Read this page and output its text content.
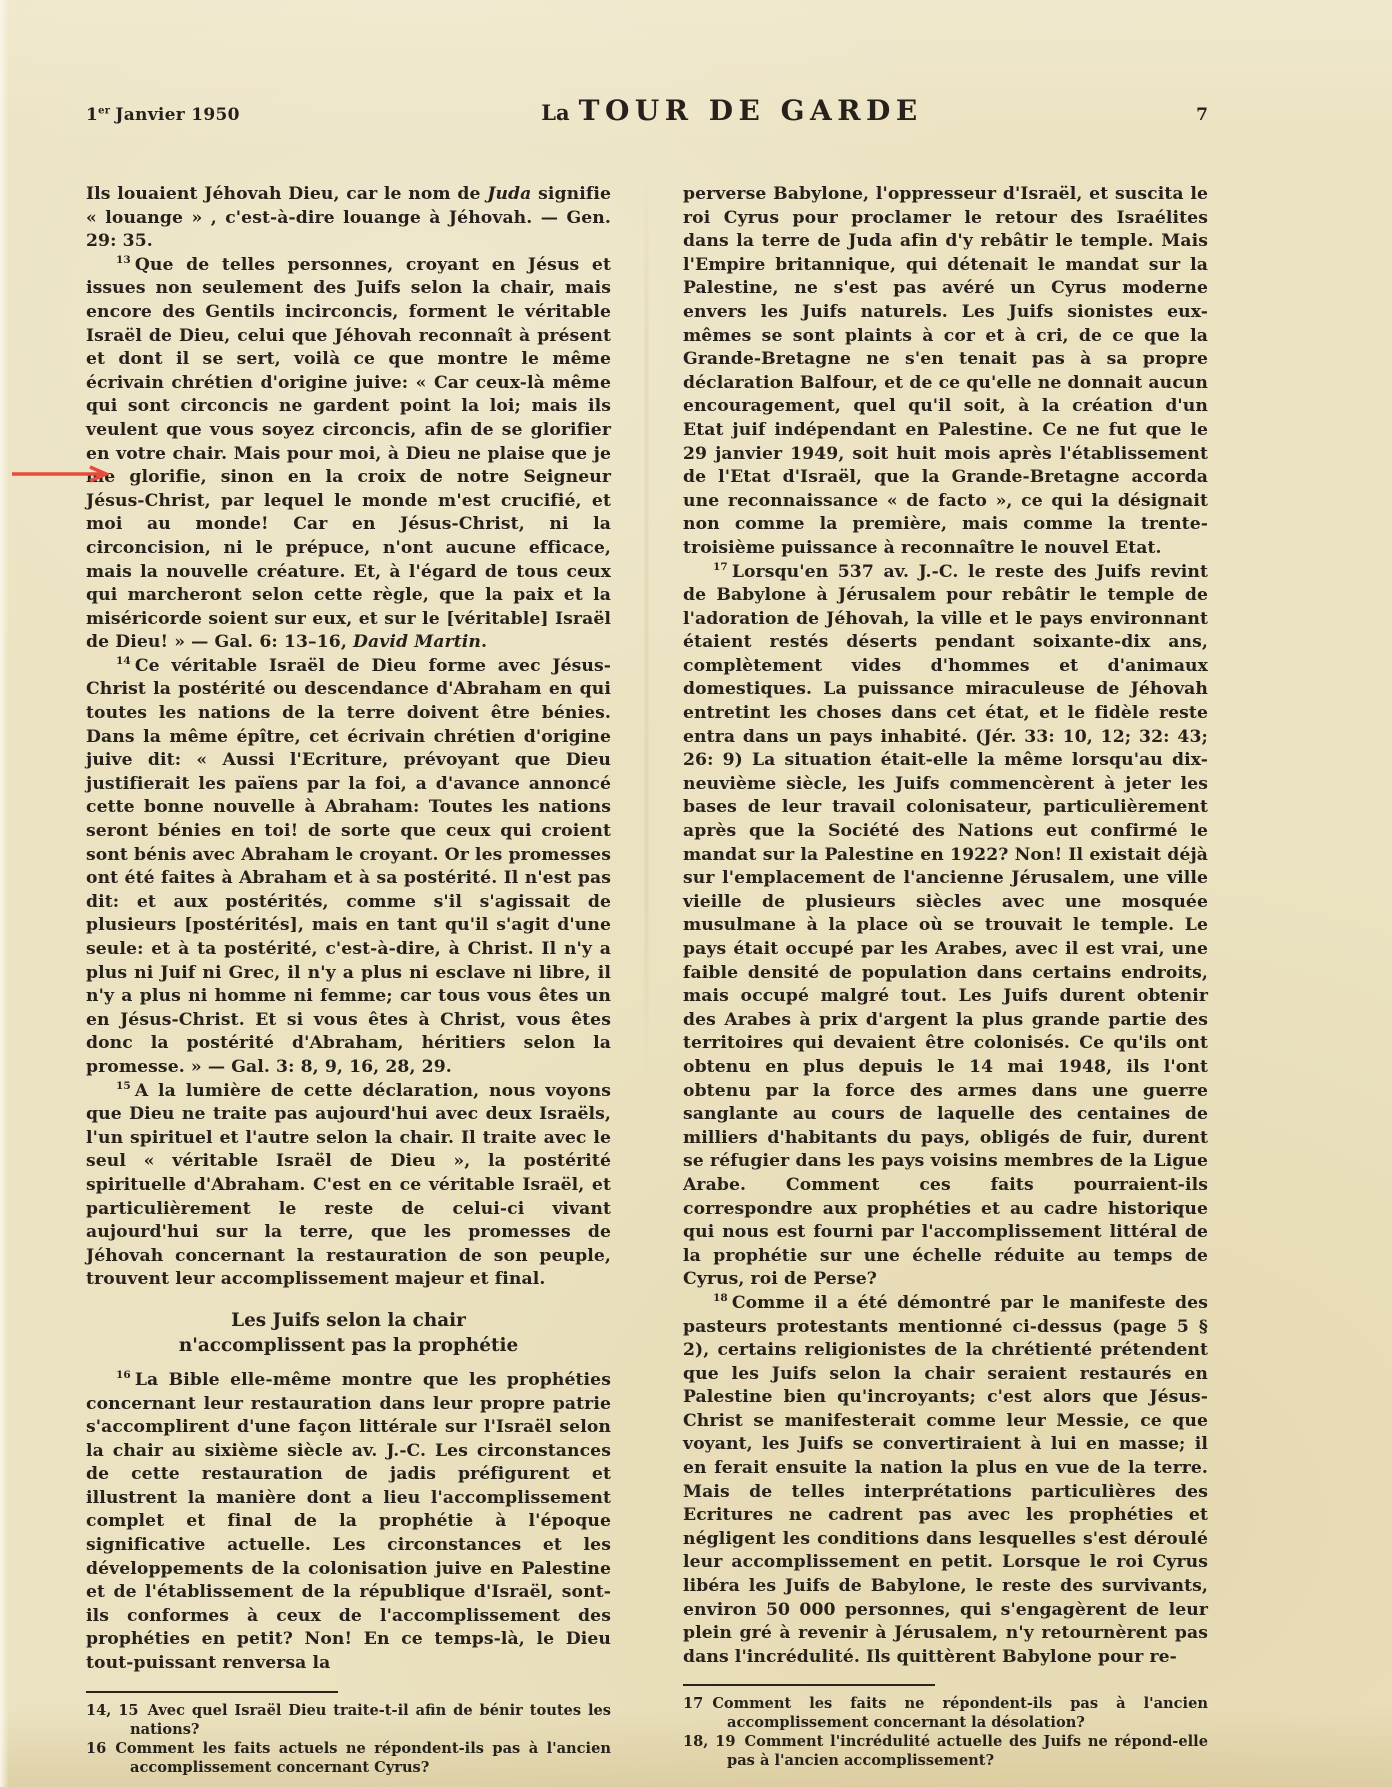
1er Janvier 1950	La TOUR DE GARDE	7

Ils louaient Jéhovah Dieu, car le nom de Juda signifie « louange » , c'est-à-dire louange à Jéhovah. — Gen. 29: 35.

$^{13}$ Que de telles personnes, croyant en Jésus et issues non seulement des Juifs selon la chair, mais encore des Gentils incirconcis, forment le véritable Israël de Dieu, celui que Jéhovah reconnaît à présent et dont il se sert, voilà ce que montre le même écrivain chrétien d'origine juive: « Car ceux-là même qui sont circoncis ne gardent point la loi; mais ils veulent que vous soyez circoncis, afin de se glorifier en votre chair. Mais pour moi, à Dieu ne plaise que je me glorifie, sinon en la croix de notre Seigneur Jésus-Christ, par lequel le monde m'est crucifié, et moi au monde! Car en Jésus-Christ, ni la circoncision, ni le prépuce, n'ont aucune efficace, mais la nouvelle créature. Et, à l'égard de tous ceux qui marcheront selon cette règle, que la paix et la miséricorde soient sur eux, et sur le [véritable] Israël de Dieu! » — Gal. 6: 13–16, David Martin.

$^{14}$ Ce véritable Israël de Dieu forme avec Jésus-Christ la postérité ou descendance d'Abraham en qui toutes les nations de la terre doivent être bénies. Dans la même épître, cet écrivain chrétien d'origine juive dit: « Aussi l'Ecriture, prévoyant que Dieu justifierait les païens par la foi, a d'avance annoncé cette bonne nouvelle à Abraham: Toutes les nations seront bénies en toi! de sorte que ceux qui croient sont bénis avec Abraham le croyant. Or les promesses ont été faites à Abraham et à sa postérité. Il n'est pas dit: et aux postérités, comme s'il s'agissait de plusieurs [postérités], mais en tant qu'il s'agit d'une seule: et à ta postérité, c'est-à-dire, à Christ. Il n'y a plus ni Juif ni Grec, il n'y a plus ni esclave ni libre, il n'y a plus ni homme ni femme; car tous vous êtes un en Jésus-Christ. Et si vous êtes à Christ, vous êtes donc la postérité d'Abraham, héritiers selon la promesse. » — Gal. 3: 8, 9, 16, 28, 29.

$^{15}$ A la lumière de cette déclaration, nous voyons que Dieu ne traite pas aujourd'hui avec deux Israëls, l'un spirituel et l'autre selon la chair. Il traite avec le seul « véritable Israël de Dieu », la postérité spirituelle d'Abraham. C'est en ce véritable Israël, et particulièrement le reste de celui-ci vivant aujourd'hui sur la terre, que les promesses de Jéhovah concernant la restauration de son peuple, trouvent leur accomplissement majeur et final.

Les Juifs selon la chair
n'accomplissent pas la prophétie

$^{16}$ La Bible elle-même montre que les prophéties concernant leur restauration dans leur propre patrie s'accomplirent d'une façon littérale sur l'Israël selon la chair au sixième siècle av. J.-C. Les circonstances de cette restauration de jadis préfigurent et illustrent la manière dont a lieu l'accomplissement complet et final de la prophétie à l'époque significative actuelle. Les circonstances et les développements de la colonisation juive en Palestine et de l'établissement de la république d'Israël, sont-ils conformes à ceux de l'accomplissement des prophéties en petit? Non! En ce temps-là, le Dieu tout-puissant renversa la

14, 15 Avec quel Israël Dieu traite-t-il afin de bénir toutes les nations?
16 Comment les faits actuels ne répondent-ils pas à l'ancien accomplissement concernant Cyrus?

perverse Babylone, l'oppresseur d'Israël, et suscita le roi Cyrus pour proclamer le retour des Israélites dans la terre de Juda afin d'y rebâtir le temple. Mais l'Empire britannique, qui détenait le mandat sur la Palestine, ne s'est pas avéré un Cyrus moderne envers les Juifs naturels. Les Juifs sionistes eux-mêmes se sont plaints à cor et à cri, de ce que la Grande-Bretagne ne s'en tenait pas à sa propre déclaration Balfour, et de ce qu'elle ne donnait aucun encouragement, quel qu'il soit, à la création d'un Etat juif indépendant en Palestine. Ce ne fut que le 29 janvier 1949, soit huit mois après l'établissement de l'Etat d'Israël, que la Grande-Bretagne accorda une reconnaissance « de facto », ce qui la désignait non comme la première, mais comme la trente-troisième puissance à reconnaître le nouvel Etat.

$^{17}$ Lorsqu'en 537 av. J.-C. le reste des Juifs revint de Babylone à Jérusalem pour rebâtir le temple de l'adoration de Jéhovah, la ville et le pays environnant étaient restés déserts pendant soixante-dix ans, complètement vides d'hommes et d'animaux domestiques. La puissance miraculeuse de Jéhovah entretint les choses dans cet état, et le fidèle reste entra dans un pays inhabité. (Jér. 33: 10, 12; 32: 43; 26: 9) La situation était-elle la même lorsqu'au dix-neuvième siècle, les Juifs commencèrent à jeter les bases de leur travail colonisateur, particulièrement après que la Société des Nations eut confirmé le mandat sur la Palestine en 1922? Non! Il existait déjà sur l'emplacement de l'ancienne Jérusalem, une ville vieille de plusieurs siècles avec une mosquée musulmane à la place où se trouvait le temple. Le pays était occupé par les Arabes, avec il est vrai, une faible densité de population dans certains endroits, mais occupé malgré tout. Les Juifs durent obtenir des Arabes à prix d'argent la plus grande partie des territoires qui devaient être colonisés. Ce qu'ils ont obtenu en plus depuis le 14 mai 1948, ils l'ont obtenu par la force des armes dans une guerre sanglante au cours de laquelle des centaines de milliers d'habitants du pays, obligés de fuir, durent se réfugier dans les pays voisins membres de la Ligue Arabe. Comment ces faits pourraient-ils correspondre aux prophéties et au cadre historique qui nous est fourni par l'accomplissement littéral de la prophétie sur une échelle réduite au temps de Cyrus, roi de Perse?

$^{18}$ Comme il a été démontré par le manifeste des pasteurs protestants mentionné ci-dessus (page 5 § 2), certains religionistes de la chrétienté prétendent que les Juifs selon la chair seraient restaurés en Palestine bien qu'incroyants; c'est alors que Jésus-Christ se manifesterait comme leur Messie, ce que voyant, les Juifs se convertiraient à lui en masse; il en ferait ensuite la nation la plus en vue de la terre. Mais de telles interprétations particulières des Ecritures ne cadrent pas avec les prophéties et négligent les conditions dans lesquelles s'est déroulé leur accomplissement en petit. Lorsque le roi Cyrus libéra les Juifs de Babylone, le reste des survivants, environ 50 000 personnes, qui s'engagèrent de leur plein gré à revenir à Jérusalem, n'y retournèrent pas dans l'incrédulité. Ils quittèrent Babylone pour re-

17 Comment les faits ne répondent-ils pas à l'ancien accomplissement concernant la désolation?
18, 19 Comment l'incrédulité actuelle des Juifs ne répond-elle pas à l'ancien accomplissement?
